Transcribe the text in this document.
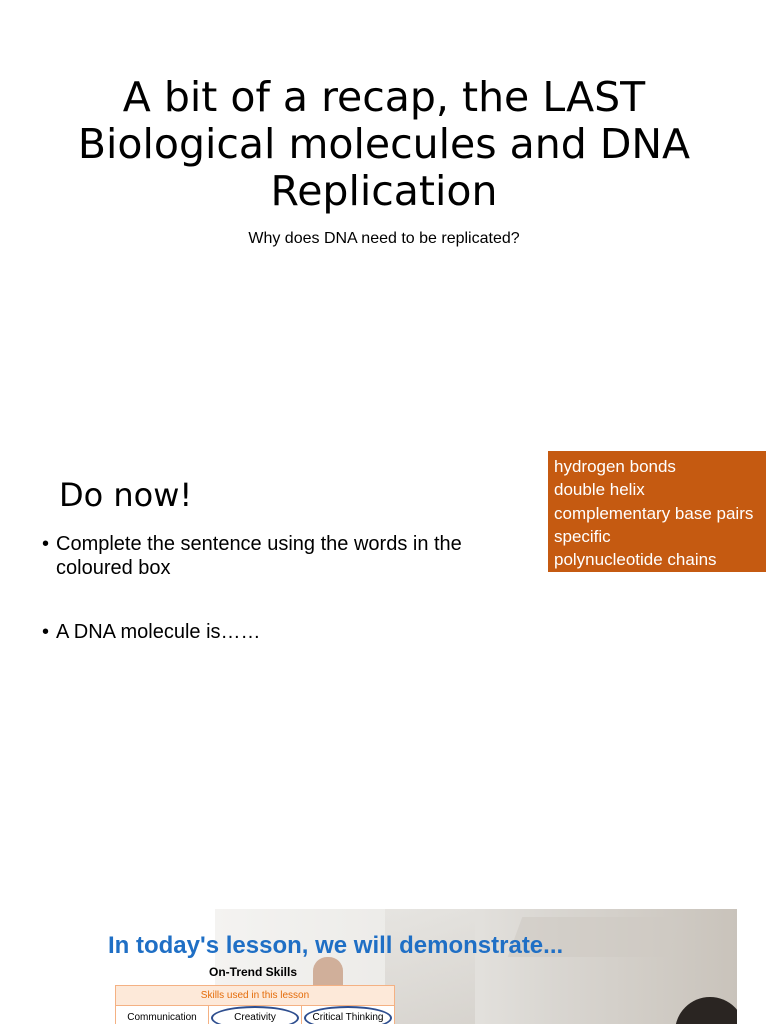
A bit of a recap, the LAST Biological molecules and DNA Replication
Why does DNA need to be replicated?
hydrogen bonds
double helix
complementary base pairs
specific
polynucleotide chains
Do now!
• Complete the sentence using the words in the coloured box
• A DNA molecule is……
In today's lesson, we will demonstrate...
On-Trend Skills
Skills used in this lesson
Communication	Creativity	Critical Thinking
